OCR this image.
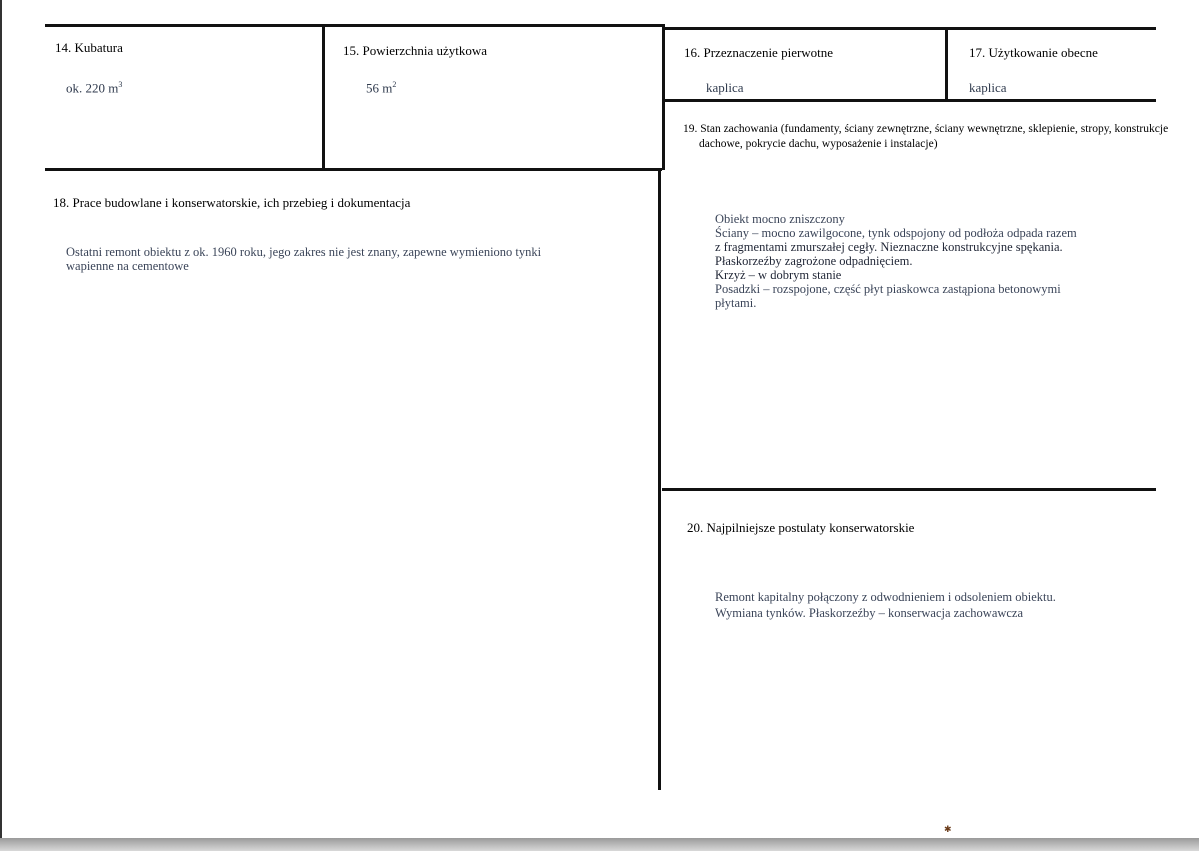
14. Kubatura
ok. 220 $m^3$
15. Powierzchnia użytkowa
56 $m^2$
16. Przeznaczenie pierwotne
kaplica
17. Użytkowanie obecne
kaplica
18. Prace budowlane i konserwatorskie, ich przebieg i dokumentacja
Ostatni remont obiektu z ok. 1960 roku, jego zakres nie jest znany, zapewne wymieniono tynki
wapienne na cementowe
19. Stan zachowania (fundamenty, ściany zewnętrzne, ściany wewnętrzne, sklepienie, stropy, konstrukcje dachowe, pokrycie dachu, wyposażenie i instalacje)
Obiekt mocno zniszczony
Ściany – mocno zawilgocone, tynk odspojony od podłoża odpada razem
z fragmentami zmurszałej cegły. Nieznaczne konstrukcyjne spękania.
Płaskorzeźby zagrożone odpadnięciem.
Krzyż – w dobrym stanie
Posadzki – rozspojone, część płyt piaskowca zastąpiona betonowymi
płytami.
20. Najpilniejsze postulaty konserwatorskie
Remont kapitalny połączony z odwodnieniem i odsoleniem obiektu.
Wymiana tynków. Płaskorzeźby – konserwacja zachowawcza
✱
